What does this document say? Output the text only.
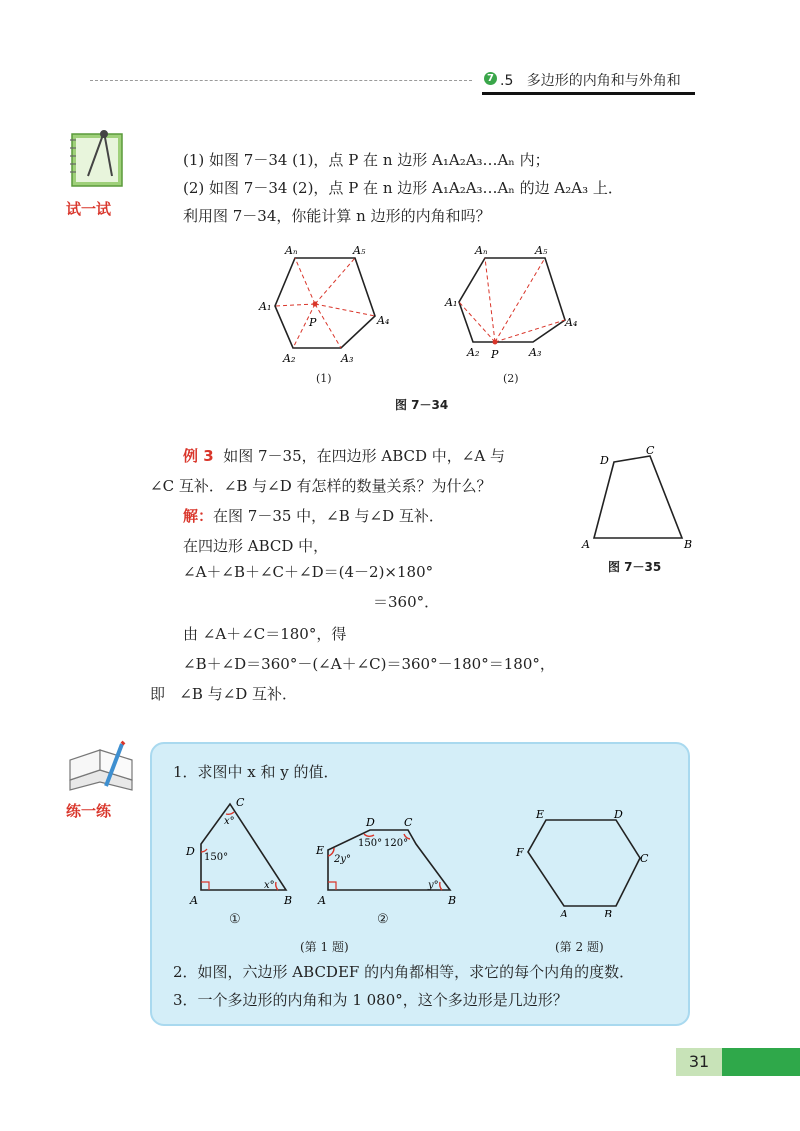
7 .5 多边形的内角和与外角和
试一试
(1) 如图 7－34 (1)，点 P 在 n 边形 A₁A₂A₃…Aₙ 内；
(2) 如图 7－34 (2)，点 P 在 n 边形 A₁A₂A₃…Aₙ 的边 A₂A₃ 上．
利用图 7－34，你能计算 n 边形的内角和吗？
Aₙ	A₅
A₁
A₄
A₂	A₃
P
Aₙ	A₅
A₁
A₄
A₂ P	A₃
(1)	(2)
图 7－34
例 3 如图 7－35，在四边形 ABCD 中，∠A 与
∠C 互补．∠B 与∠D 有怎样的数量关系？为什么？
解：在图 7－35 中，∠B 与∠D 互补．
在四边形 ABCD 中，
∠A＋∠B＋∠C＋∠D＝(4－2)×180°
＝360°．
由 ∠A＋∠C＝180°，得
∠B＋∠D＝360°－(∠A＋∠C)＝360°－180°＝180°，
即 ∠B 与∠D 互补．
D
C
A	B
图 7－35
练一练
1．求图中 x 和 y 的值．
C
D
A	B
150°
x°
x°
D	C
E
A	B
150° 120°
2y°
y°
E	D
F	C
A	B
①	②
(第 1 题)	(第 2 题)
2．如图，六边形 ABCDEF 的内角都相等，求它的每个内角的度数．
3．一个多边形的内角和为 1 080°，这个多边形是几边形？
31
